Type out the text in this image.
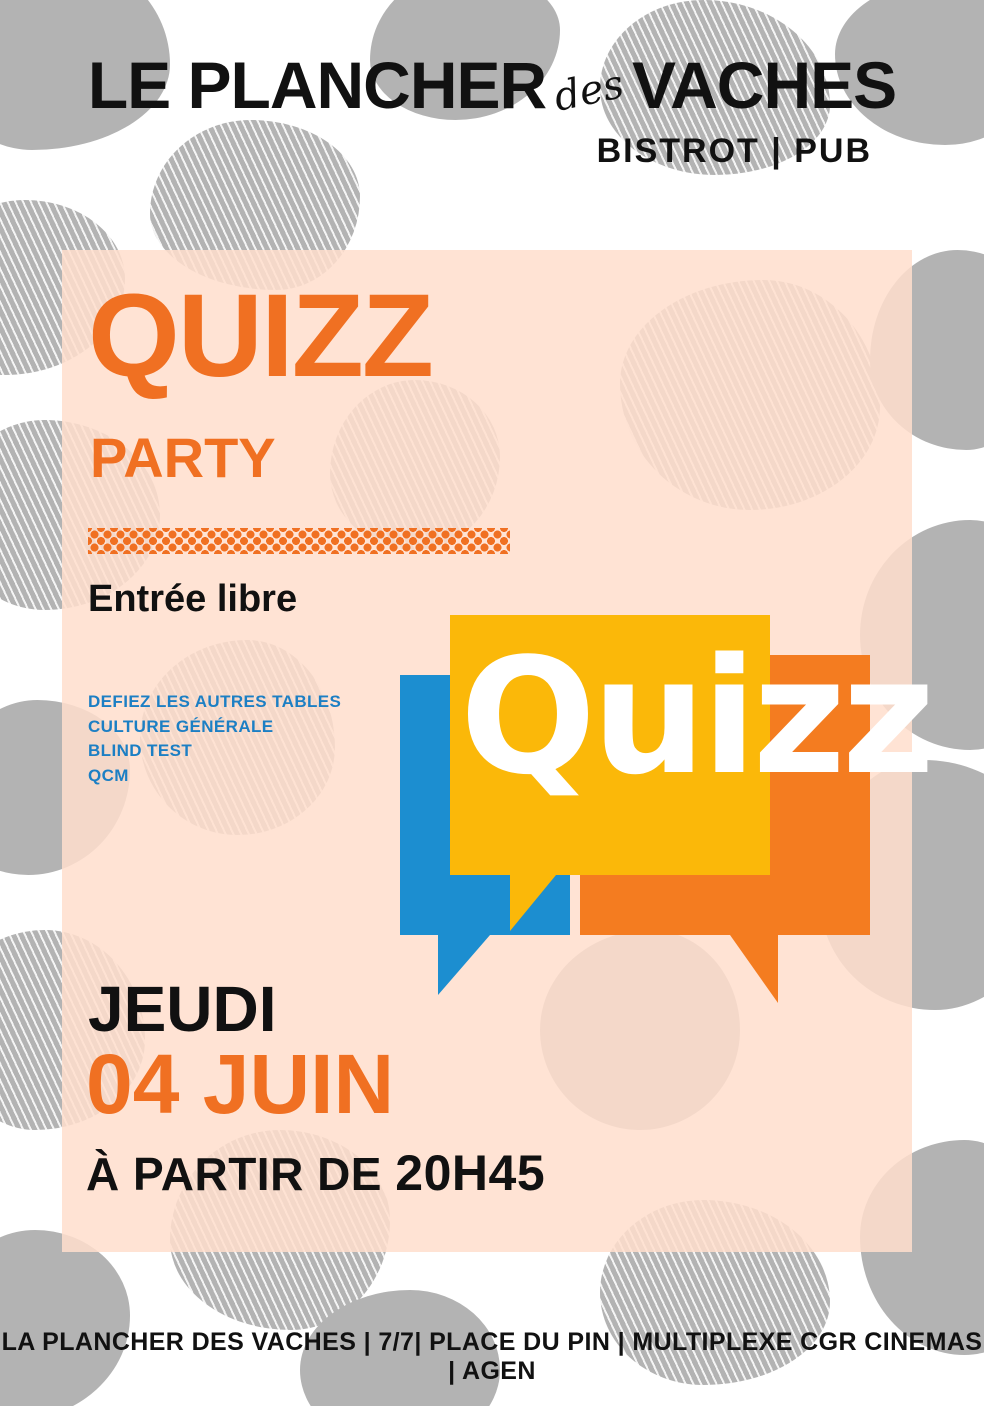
LE PLANCHER des VACHES
BISTROT | PUB
QUIZZ
PARTY
Entrée libre
DEFIEZ LES AUTRES TABLES
CULTURE GÉNÉRALE
BLIND TEST
QCM	Quizz
JEUDI
04 JUIN
À PARTIR DE 20H45
LA PLANCHER DES VACHES | 7/7| PLACE DU PIN | MULTIPLEXE CGR CINEMAS | AGEN
